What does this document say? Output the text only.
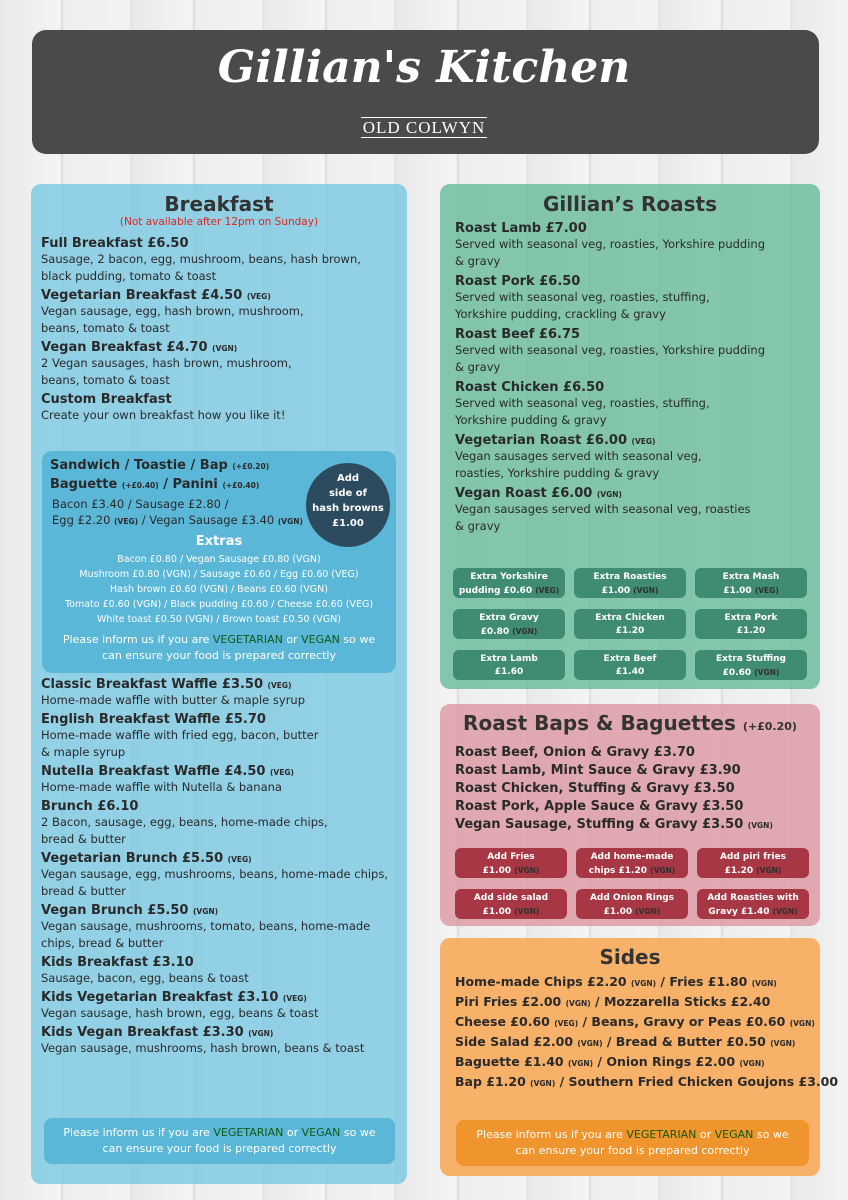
Gillian's Kitchen
OLD COLWYN
Breakfast
(Not available after 12pm on Sunday)
Full Breakfast £6.50
Sausage, 2 bacon, egg, mushroom, beans, hash brown,
black pudding, tomato & toast
Vegetarian Breakfast £4.50 (VEG)
Vegan sausage, egg, hash brown, mushroom,
beans, tomato & toast
Vegan Breakfast £4.70 (VGN)
2 Vegan sausages, hash brown, mushroom,
beans, tomato & toast
Custom Breakfast
Create your own breakfast how you like it!
Sandwich / Toastie / Bap (+£0.20)
Baguette (+£0.40) / Panini (+£0.40)
Bacon £3.40 / Sausage £2.80 /
Egg £2.20 (VEG) / Vegan Sausage £3.40 (VGN)
Add
side of
hash browns
£1.00
Extras
Bacon £0.80 / Vegan Sausage £0.80 (VGN)
Mushroom £0.80 (VGN) / Sausage £0.60 / Egg £0.60 (VEG)
Hash brown £0.60 (VGN) / Beans £0.60 (VGN)
Tomato £0.60 (VGN) / Black pudding £0.60 / Cheese £0.60 (VEG)
White toast £0.50 (VGN) / Brown toast £0.50 (VGN)
Please inform us if you are VEGETARIAN or VEGAN so we
can ensure your food is prepared correctly
Classic Breakfast Waffle £3.50 (VEG)
Home-made waffle with butter & maple syrup
English Breakfast Waffle £5.70
Home-made waffle with fried egg, bacon, butter
& maple syrup
Nutella Breakfast Waffle £4.50 (VEG)
Home-made waffle with Nutella & banana
Brunch £6.10
2 Bacon, sausage, egg, beans, home-made chips,
bread & butter
Vegetarian Brunch £5.50 (VEG)
Vegan sausage, egg, mushrooms, beans, home-made chips,
bread & butter
Vegan Brunch £5.50 (VGN)
Vegan sausage, mushrooms, tomato, beans, home-made
chips, bread & butter
Kids Breakfast £3.10
Sausage, bacon, egg, beans & toast
Kids Vegetarian Breakfast £3.10 (VEG)
Vegan sausage, hash brown, egg, beans & toast
Kids Vegan Breakfast £3.30 (VGN)
Vegan sausage, mushrooms, hash brown, beans & toast
Please inform us if you are VEGETARIAN or VEGAN so we
can ensure your food is prepared correctly
Gillian’s Roasts
Roast Lamb £7.00
Served with seasonal veg, roasties, Yorkshire pudding
& gravy
Roast Pork £6.50
Served with seasonal veg, roasties, stuffing,
Yorkshire pudding, crackling & gravy
Roast Beef £6.75
Served with seasonal veg, roasties, Yorkshire pudding
& gravy
Roast Chicken £6.50
Served with seasonal veg, roasties, stuffing,
Yorkshire pudding & gravy
Vegetarian Roast £6.00 (VEG)
Vegan sausages served with seasonal veg,
roasties, Yorkshire pudding & gravy
Vegan Roast £6.00 (VGN)
Vegan sausages served with seasonal veg, roasties
& gravy
Extra Yorkshire
pudding £0.60 (VEG)
Extra Roasties
£1.00 (VGN)
Extra Mash
£1.00 (VEG)
Extra Gravy
£0.80 (VGN)
Extra Chicken
£1.20
Extra Pork
£1.20
Extra Lamb
£1.60
Extra Beef
£1.40
Extra Stuffing
£0.60 (VGN)
Roast Baps & Baguettes (+£0.20)
Roast Beef, Onion & Gravy £3.70
Roast Lamb, Mint Sauce & Gravy £3.90
Roast Chicken, Stuffing & Gravy £3.50
Roast Pork, Apple Sauce & Gravy £3.50
Vegan Sausage, Stuffing & Gravy £3.50 (VGN)
Add Fries
£1.00 (VGN)
Add home-made
chips £1.20 (VGN)
Add piri fries
£1.20 (VGN)
Add side salad
£1.00 (VGN)
Add Onion Rings
£1.00 (VGN)
Add Roasties with
Gravy £1.40 (VGN)
Sides
Home-made Chips £2.20 (VGN) / Fries £1.80 (VGN)
Piri Fries £2.00 (VGN) / Mozzarella Sticks £2.40
Cheese £0.60 (VEG) / Beans, Gravy or Peas £0.60 (VGN)
Side Salad £2.00 (VGN) / Bread & Butter £0.50 (VGN)
Baguette £1.40 (VGN) / Onion Rings £2.00 (VGN)
Bap £1.20 (VGN) / Southern Fried Chicken Goujons £3.00
Please inform us if you are VEGETARIAN or VEGAN so we
can ensure your food is prepared correctly
